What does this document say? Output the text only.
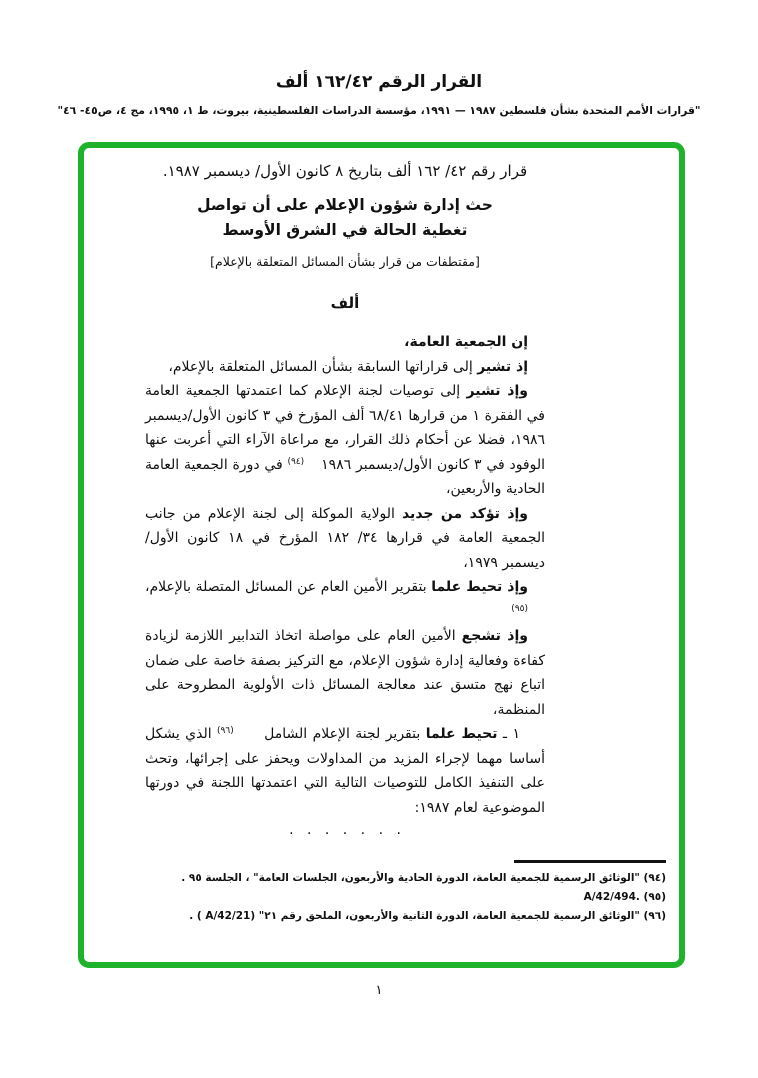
القرار الرقم ٤٢/‏١٦٢ ألف
"قرارات الأمم المتحدة بشأن فلسطين ١٩٨٧ — ١٩٩١، مؤسسة الدراسات الفلسطينية، بيروت، ط ١، ١٩٩٥، مج ٤، ص٤٥- ٤٦"

قرار رقم ٤٢/ ١٦٢ ألف بتاريخ ٨ كانون الأول/ ديسمبر ١٩٨٧.

حث إدارة شؤون الإعلام على أن تواصل

تغطية الحالة في الشرق الأوسط

[مقتطفات من قرار بشأن المسائل المتعلقة بالإعلام]

ألف

إن الجمعية العامة،

إذ تشير إلى قراراتها السابقة بشأن المسائل المتعلقة بالإعلام،

وإذ تشير إلى توصيات لجنة الإعلام كما اعتمدتها الجمعية العامة في الفقرة ١ من قرارها ٤١/‏٦٨ ألف المؤرخ في ٣ كانون الأول/ديسمبر ١٩٨٦، فضلا عن أحكام ذلك القرار، مع مراعاة الآراء التي أعربت عنها الوفود في ٣ كانون الأول/ديسمبر ١٩٨٦(٩٤) في دورة الجمعية العامة الحادية والأربعين،

وإذ تؤكد من جديد الولاية الموكلة إلى لجنة الإعلام من جانب الجمعية العامة في قرارها ٣٤/ ١٨٢ المؤرخ في ١٨ كانون الأول/ ديسمبر ١٩٧٩،

وإذ تحيط علما بتقرير الأمين العام عن المسائل المتصلة بالإعلام،(٩٥)

وإذ تشجع الأمين العام على مواصلة اتخاذ التدابير اللازمة لزيادة كفاءة وفعالية إدارة شؤون الإعلام، مع التركيز بصفة خاصة على ضمان اتباع نهج متسق عند معالجة المسائل ذات الأولوية المطروحة على المنظمة،

١ ـ تحيط علما بتقرير لجنة الإعلام الشامل (٩٦) الذي يشكل أساسا مهما لإجراء المزيد من المداولات ويحفز على إجرائها، وتحث على التنفيذ الكامل للتوصيات التالية التي اعتمدتها اللجنة في دورتها الموضوعية لعام ١٩٨٧:

· · · · · · ·

(٩٤) "الوثائق الرسمية للجمعية العامة، الدورة الحادية والأربعون، الجلسات العامة" ، الجلسة ٩٥ .

(٩٥) A/42/494.

(٩٦) "الوثائق الرسمية للجمعية العامة، الدورة الثانية والأربعون، الملحق رقم ٢١" ( A/42/21) .

١
